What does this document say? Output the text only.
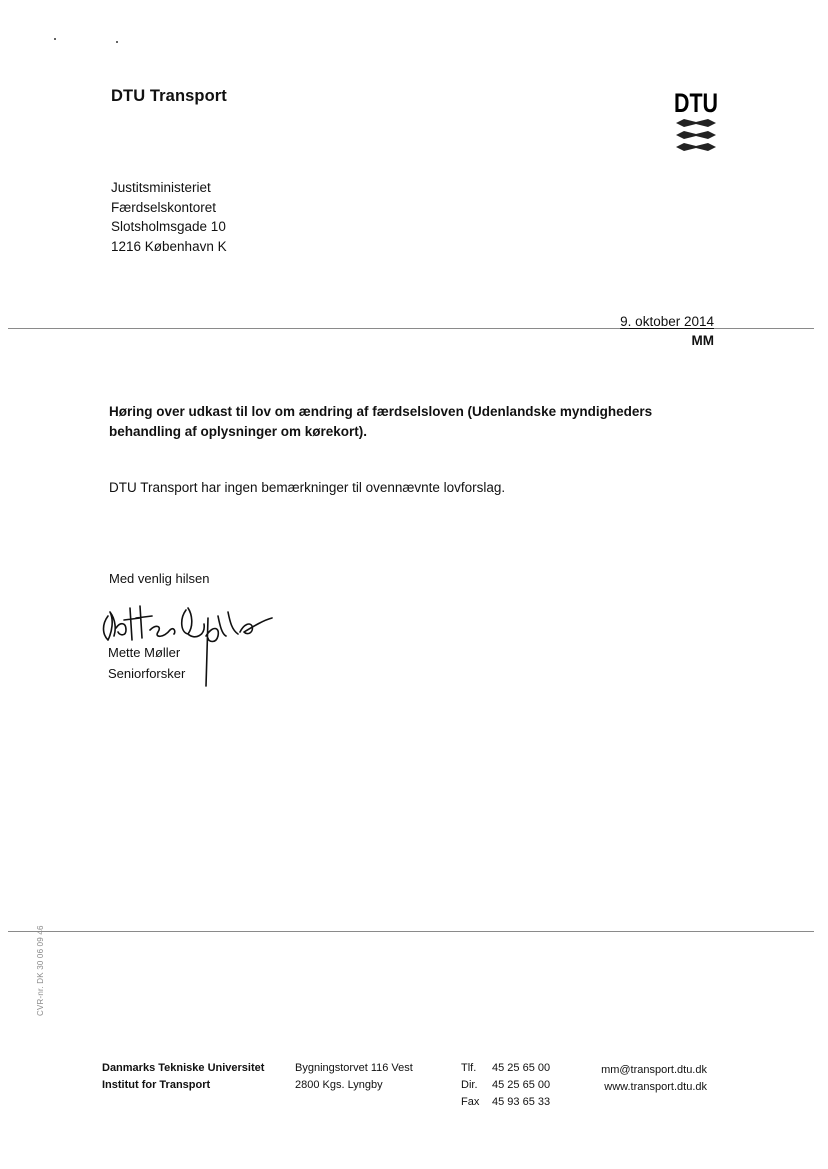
DTU Transport	DTU
Justitsministeriet
Færdselskontoret
Slotsholmsgade 10
1216 København K
9. oktober 2014
MM
Høring over udkast til lov om ændring af færdselsloven (Udenlandske myndigheders behandling af oplysninger om kørekort).
DTU Transport har ingen bemærkninger til ovennævnte lovforslag.
Med venlig hilsen
Mette Møller
Seniorforsker
CVR-nr. DK 30 06 09 46
Danmarks Tekniske Universitet
Institut for Transport
Bygningstorvet 116 Vest
2800 Kgs. Lyngby
Tlf. 45 25 65 00
Dir. 45 25 65 00
Fax 45 93 65 33
mm@transport.dtu.dk
www.transport.dtu.dk
